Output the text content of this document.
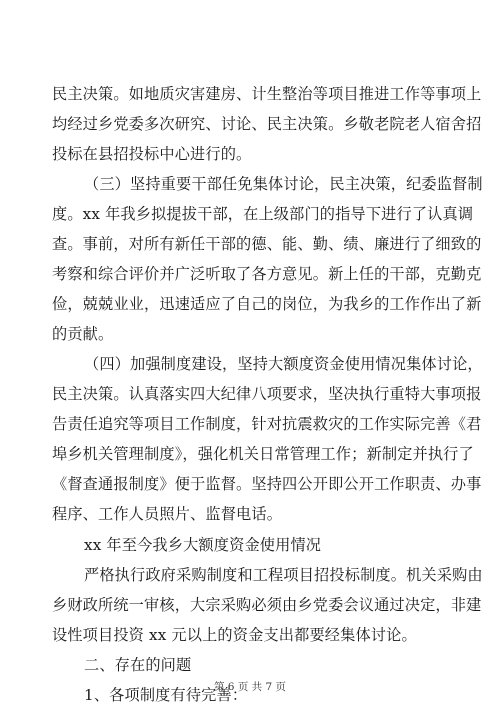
民主决策。如地质灾害建房、计生整治等项目推进工作等事项上
均经过乡党委多次研究、讨论、民主决策。乡敬老院老人宿舍招
投标在县招投标中心进行的。
（三）坚持重要干部任免集体讨论，民主决策，纪委监督制
度。xx 年我乡拟提拔干部，在上级部门的指导下进行了认真调
查。事前，对所有新任干部的德、能、勤、绩、廉进行了细致的
考察和综合评价并广泛听取了各方意见。新上任的干部，克勤克
俭，兢兢业业，迅速适应了自己的岗位，为我乡的工作作出了新
的贡献。
（四）加强制度建设，坚持大额度资金使用情况集体讨论，
民主决策。认真落实四大纪律八项要求，坚决执行重特大事项报
告责任追究等项目工作制度，针对抗震救灾的工作实际完善《君
埠乡机关管理制度》，强化机关日常管理工作；新制定并执行了
《督查通报制度》便于监督。坚持四公开即公开工作职责、办事
程序、工作人员照片、监督电话。
xx 年至今我乡大额度资金使用情况
严格执行政府采购制度和工程项目招投标制度。机关采购由
乡财政所统一审核，大宗采购必须由乡党委会议通过决定，非建
设性项目投资 xx 元以上的资金支出都要经集体讨论。
二、存在的问题
1、各项制度有待完善：
第 6 页 共 7 页
